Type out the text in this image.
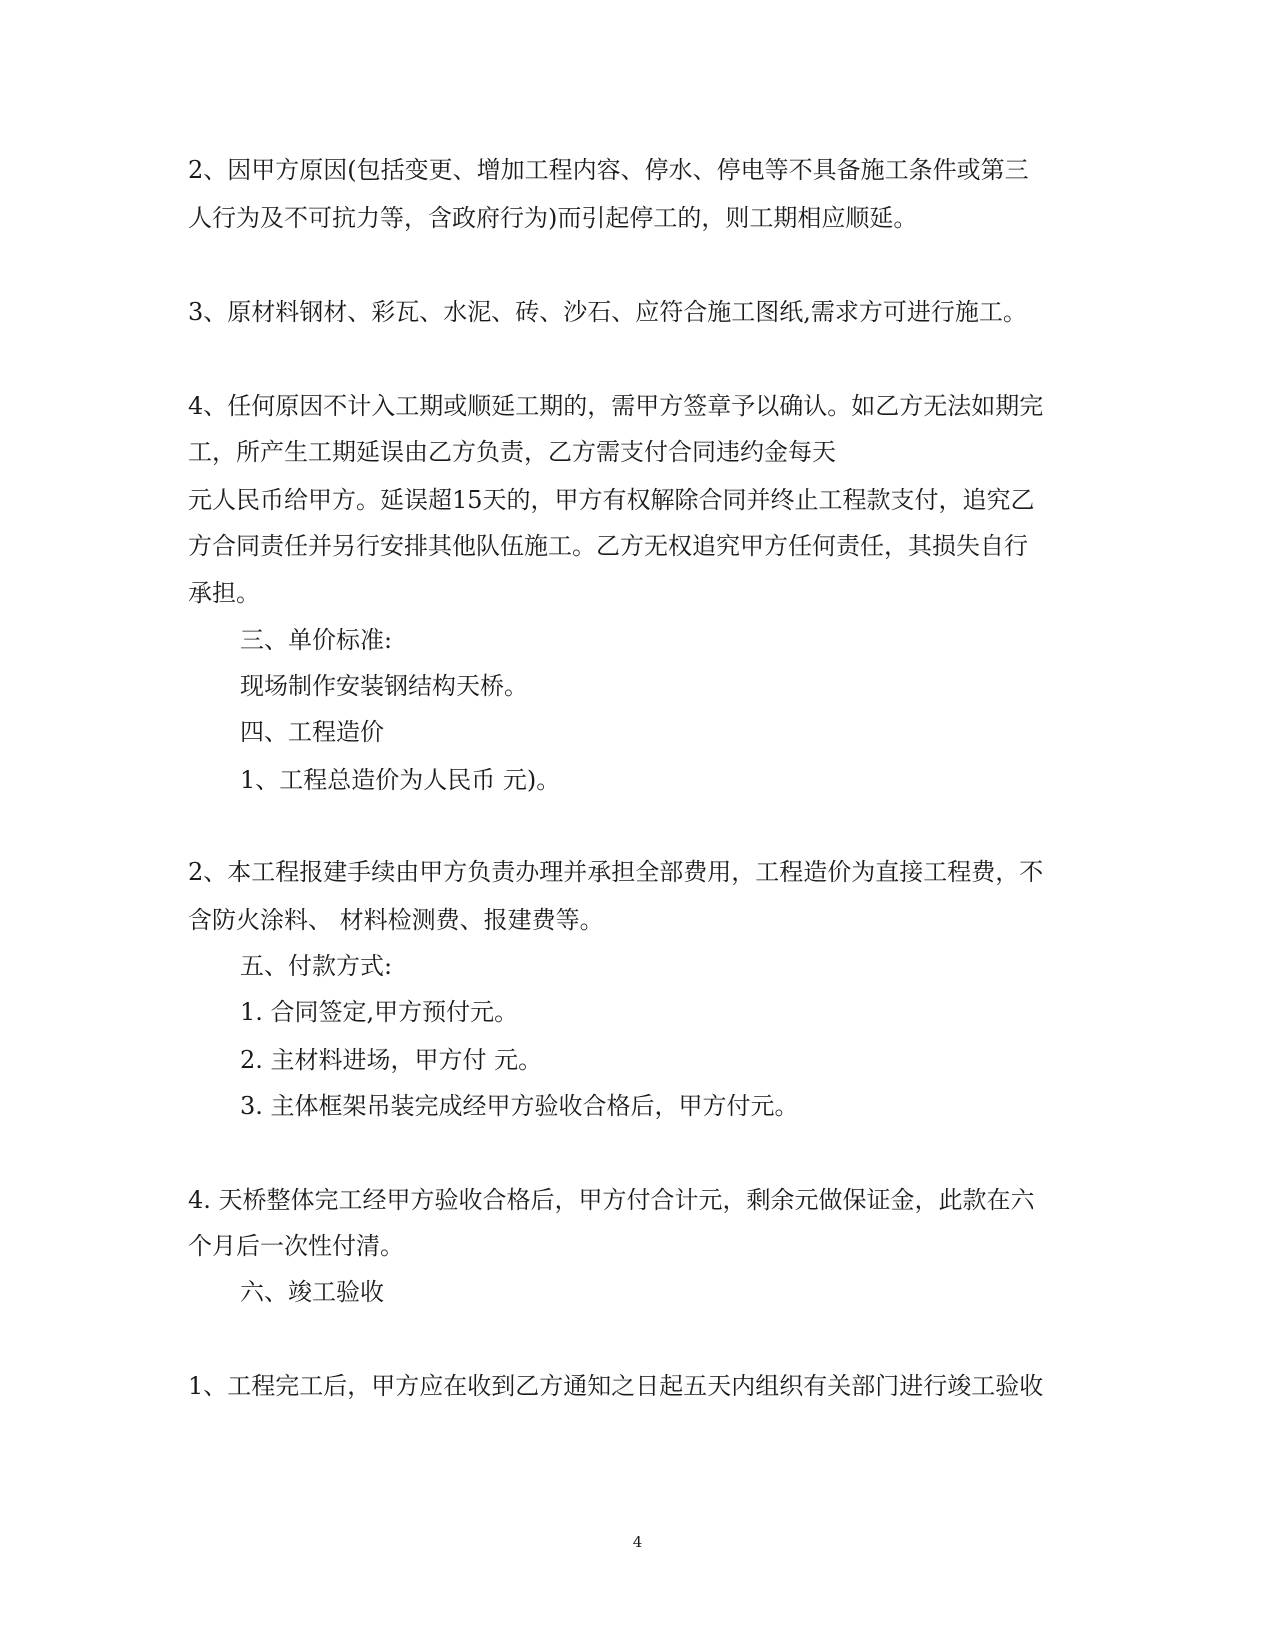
2、因甲方原因(包括变更、增加工程内容、停水、停电等不具备施工条件或第三

人行为及不可抗力等，含政府行为)而引起停工的，则工期相应顺延。

3、原材料钢材、彩瓦、水泥、砖、沙石、应符合施工图纸,需求方可进行施工。

4、任何原因不计入工期或顺延工期的，需甲方签章予以确认。如乙方无法如期完

工，所产生工期延误由乙方负责，乙方需支付合同违约金每天

元人民币给甲方。延误超15天的，甲方有权解除合同并终止工程款支付，追究乙

方合同责任并另行安排其他队伍施工。乙方无权追究甲方任何责任，其损失自行

承担。

三、单价标准:

现场制作安装钢结构天桥。

四、工程造价

1、工程总造价为人民币 元)。

2、本工程报建手续由甲方负责办理并承担全部费用，工程造价为直接工程费，不

含防火涂料、 材料检测费、报建费等。

五、付款方式:

1. 合同签定,甲方预付元。

2. 主材料进场，甲方付 元。

3. 主体框架吊装完成经甲方验收合格后，甲方付元。

4. 天桥整体完工经甲方验收合格后，甲方付合计元，剩余元做保证金，此款在六

个月后一次性付清。

六、竣工验收

1、工程完工后，甲方应在收到乙方通知之日起五天内组织有关部门进行竣工验收

4
